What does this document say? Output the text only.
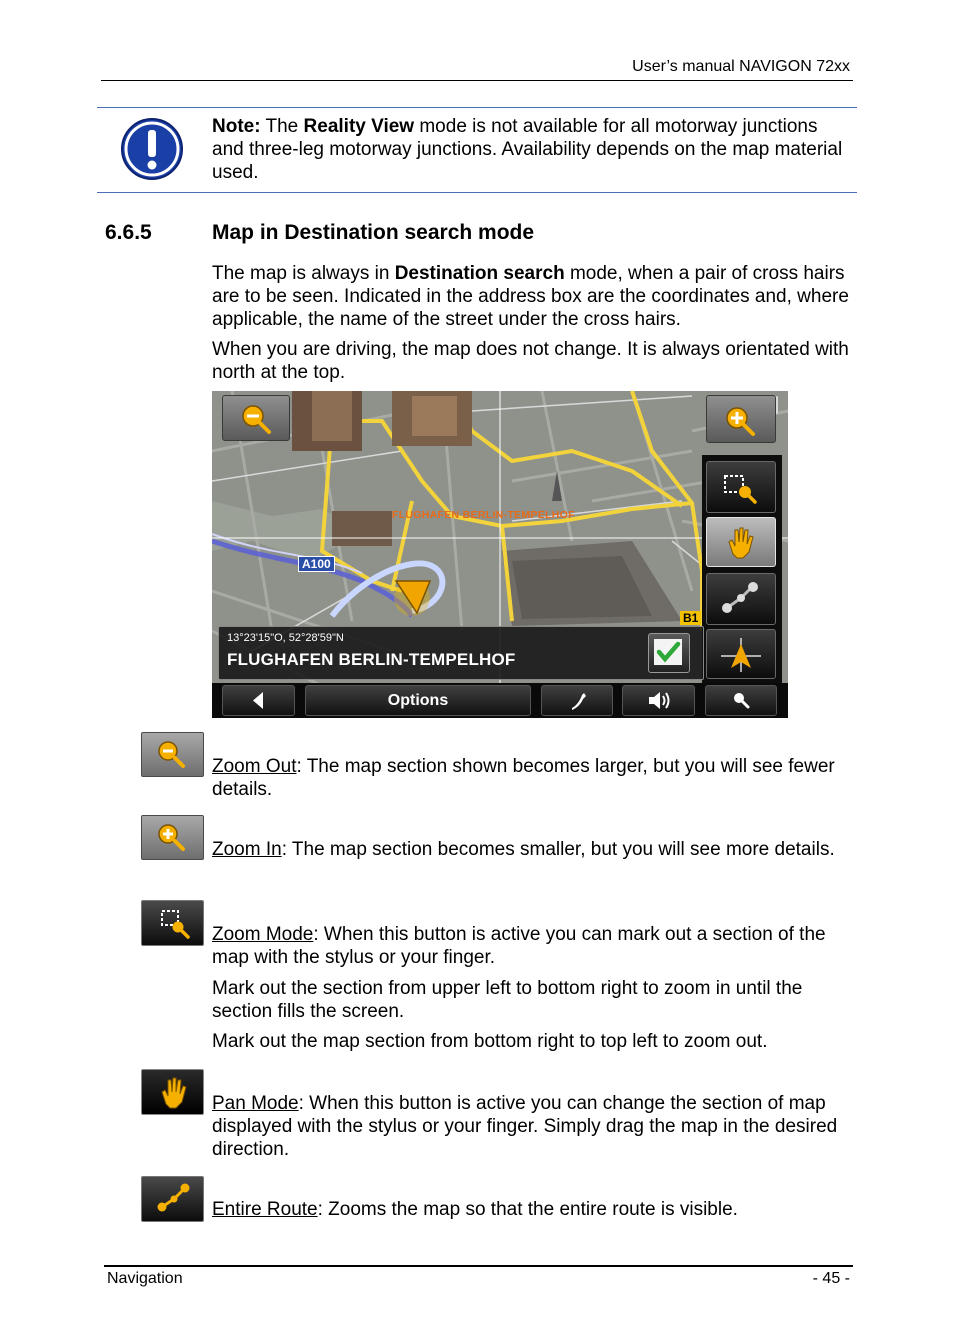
User’s manual NAVIGON 72xx
Note: The Reality View mode is not available for all motorway junctions and three-leg motorway junctions. Availability depends on the map material used.
6.6.5	Map in Destination search mode
The map is always in Destination search mode, when a pair of cross hairs are to be seen. Indicated in the address box are the coordinates and, where applicable, the name of the street under the cross hairs.
When you are driving, the map does not change. It is always orientated with north at the top.
A100
B1
FLUGHAFEN BERLIN-TEMPELHOF
13°23'15"O, 52°28'59"N
FLUGHAFEN BERLIN-TEMPELHOF
Options
Zoom Out: The map section shown becomes larger, but you will see fewer details.
Zoom In: The map section becomes smaller, but you will see more details.
Zoom Mode: When this button is active you can mark out a section of the map with the stylus or your finger.
Mark out the section from upper left to bottom right to zoom in until the section fills the screen.
Mark out the map section from bottom right to top left to zoom out.
Pan Mode: When this button is active you can change the section of map displayed with the stylus or your finger. Simply drag the map in the desired direction.
Entire Route: Zooms the map so that the entire route is visible.
Navigation	- 45 -
